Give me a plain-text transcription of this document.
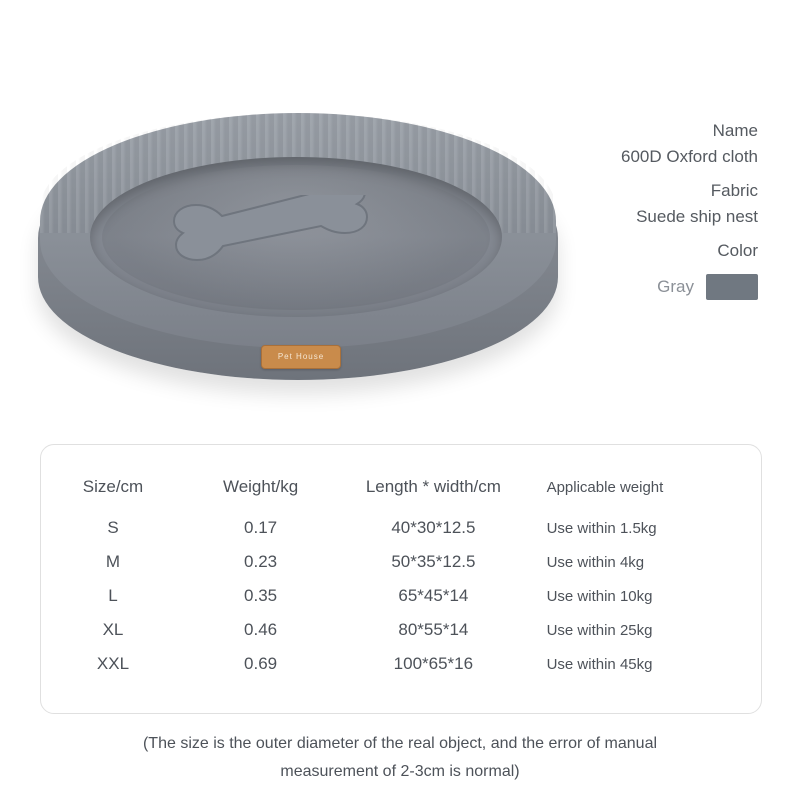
Pet House
Name
600D Oxford cloth
Fabric
Suede ship nest
Color
Gray
Size/cm	Weight/kg	Length * width/cm	Applicable weight
S	0.17	40*30*12.5	Use within 1.5kg
M	0.23	50*35*12.5	Use within 4kg
L	0.35	65*45*14	Use within 10kg
XL	0.46	80*55*14	Use within 25kg
XXL	0.69	100*65*16	Use within 45kg
(The size is the outer diameter of the real object, and the error of manual
measurement of 2-3cm is normal)
